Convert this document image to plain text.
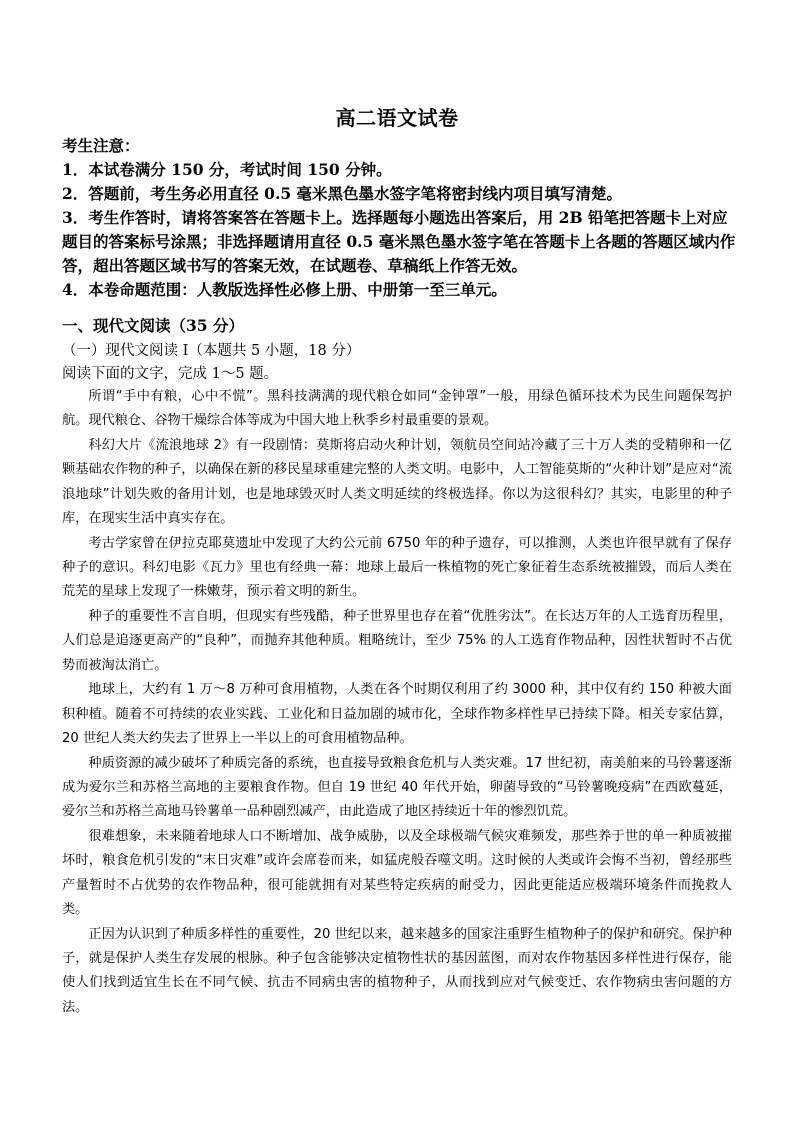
高二语文试卷

考生注意：

1．本试卷满分 150 分，考试时间 150 分钟。

2．答题前，考生务必用直径 0.5 毫米黑色墨水签字笔将密封线内项目填写清楚。

3．考生作答时，请将答案答在答题卡上。选择题每小题选出答案后，用 2B 铅笔把答题卡上对应题目的答案标号涂黑；非选择题请用直径 0.5 毫米黑色墨水签字笔在答题卡上各题的答题区域内作答，超出答题区域书写的答案无效，在试题卷、草稿纸上作答无效。

4．本卷命题范围：人教版选择性必修上册、中册第一至三单元。

一、现代文阅读（35 分）
（一）现代文阅读 I（本题共 5 小题，18 分）
阅读下面的文字，完成 1～5 题。

所谓“手中有粮，心中不慌”。黑科技满满的现代粮仓如同“金钟罩”一般，用绿色循环技术为民生问题保驾护航。现代粮仓、谷物干燥综合体等成为中国大地上秋季乡村最重要的景观。

科幻大片《流浪地球 2》有一段剧情：莫斯将启动火种计划，领航员空间站冷藏了三十万人类的受精卵和一亿颗基础农作物的种子，以确保在新的移民星球重建完整的人类文明。电影中，人工智能莫斯的“火种计划”是应对“流浪地球”计划失败的备用计划，也是地球毁灭时人类文明延续的终极选择。你以为这很科幻？其实，电影里的种子库，在现实生活中真实存在。

考古学家曾在伊拉克耶莫遗址中发现了大约公元前 6750 年的种子遗存，可以推测，人类也许很早就有了保存种子的意识。科幻电影《瓦力》里也有经典一幕：地球上最后一株植物的死亡象征着生态系统被摧毁，而后人类在荒芜的星球上发现了一株嫩芽，预示着文明的新生。

种子的重要性不言自明，但现实有些残酷，种子世界里也存在着“优胜劣汰”。在长达万年的人工选育历程里，人们总是追逐更高产的“良种”，而抛弃其他种质。粗略统计，至少 75% 的人工选育作物品种，因性状暂时不占优势而被淘汰消亡。

地球上，大约有 1 万～8 万种可食用植物，人类在各个时期仅利用了约 3000 种，其中仅有约 150 种被大面积种植。随着不可持续的农业实践、工业化和日益加剧的城市化，全球作物多样性早已持续下降。相关专家估算，20 世纪人类大约失去了世界上一半以上的可食用植物品种。

种质资源的减少破坏了种质完备的系统，也直接导致粮食危机与人类灾难。17 世纪初，南美舶来的马铃薯逐渐成为爱尔兰和苏格兰高地的主要粮食作物。但自 19 世纪 40 年代开始，卵菌导致的“马铃薯晚疫病”在西欧蔓延，爱尔兰和苏格兰高地马铃薯单一品种剧烈减产，由此造成了地区持续近十年的惨烈饥荒。

很难想象，未来随着地球人口不断增加、战争威胁，以及全球极端气候灾难频发，那些养于世的单一种质被摧坏时，粮食危机引发的“末日灾难”或许会席卷而来，如猛虎般吞噬文明。这时候的人类或许会悔不当初，曾经那些产量暂时不占优势的农作物品种，很可能就拥有对某些特定疾病的耐受力，因此更能适应极端环境条件而挽救人类。

正因为认识到了种质多样性的重要性，20 世纪以来，越来越多的国家注重野生植物种子的保护和研究。保护种子，就是保护人类生存发展的根脉。种子包含能够决定植物性状的基因蓝图，而对农作物基因多样性进行保存，能使人们找到适宜生长在不同气候、抗击不同病虫害的植物种子，从而找到应对气候变迁、农作物病虫害问题的方法。
